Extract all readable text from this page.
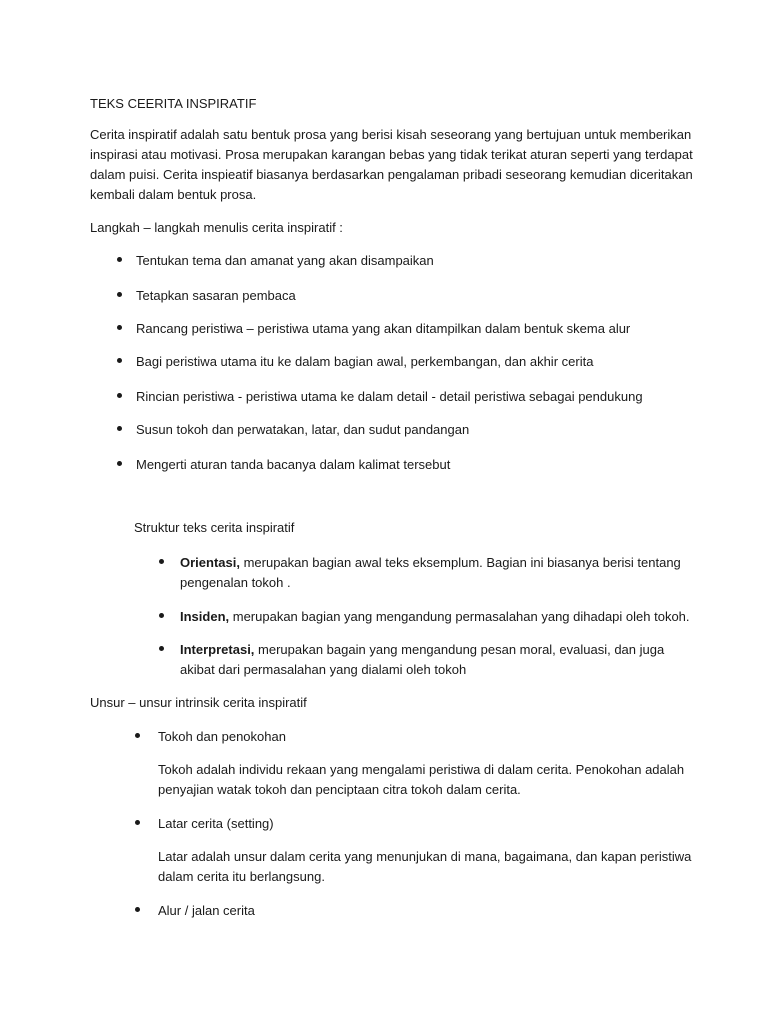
TEKS CEERITA INSPIRATIF

Cerita inspiratif adalah satu bentuk prosa yang berisi kisah seseorang yang bertujuan untuk memberikan

inspirasi atau motivasi. Prosa merupakan karangan bebas yang tidak terikat aturan seperti yang terdapat

dalam puisi. Cerita inspieatif biasanya berdasarkan pengalaman pribadi seseorang kemudian diceritakan

kembali dalam bentuk prosa.

Langkah – langkah menulis cerita inspiratif :

Tentukan tema dan amanat yang akan disampaikan

Tetapkan sasaran pembaca

Rancang peristiwa – peristiwa utama yang akan ditampilkan dalam bentuk skema alur

Bagi peristiwa utama itu ke dalam bagian awal, perkembangan, dan akhir cerita

Rincian peristiwa - peristiwa utama ke dalam detail - detail peristiwa sebagai pendukung

Susun tokoh dan perwatakan, latar, dan sudut pandangan

Mengerti aturan tanda bacanya dalam kalimat tersebut

Struktur teks cerita inspiratif

Orientasi, merupakan bagian awal teks eksemplum. Bagian ini biasanya berisi tentang

pengenalan tokoh .

Insiden, merupakan bagian yang mengandung permasalahan yang dihadapi oleh tokoh.

Interpretasi, merupakan bagain yang mengandung pesan moral, evaluasi, dan juga

akibat dari permasalahan yang dialami oleh tokoh

Unsur – unsur intrinsik cerita inspiratif

Tokoh dan penokohan

Tokoh adalah individu rekaan yang mengalami peristiwa di dalam cerita. Penokohan adalah

penyajian watak tokoh dan penciptaan citra tokoh dalam cerita.

Latar cerita (setting)

Latar adalah unsur dalam cerita yang menunjukan di mana, bagaimana, dan kapan peristiwa

dalam cerita itu berlangsung.

Alur / jalan cerita
